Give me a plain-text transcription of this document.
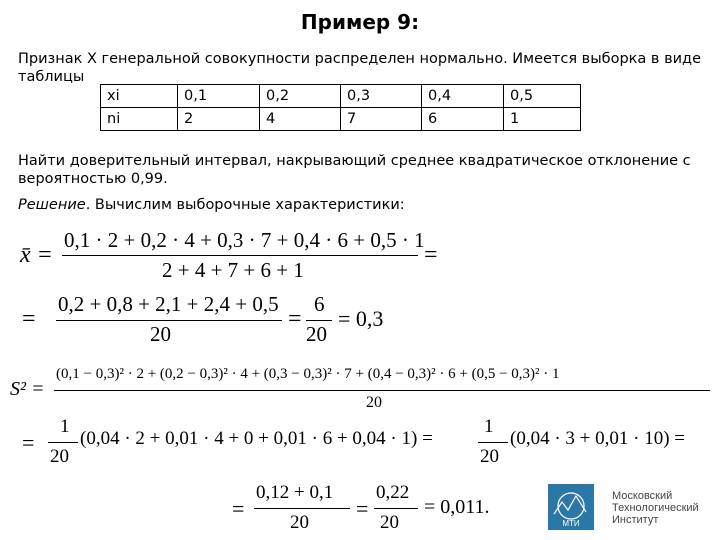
Пример 9:
Признак X генеральной совокупности распределен нормально. Имеется выборка в виде
таблицы
xi	0,1	0,2	0,3	0,4	0,5
ni	2	4	7	6	1
Найти доверительный интервал, накрывающий среднее квадратическое отклонение с
вероятностью 0,99.
Решение. Вычислим выборочные характеристики:
x̄ =
0,1 · 2 + 0,2 · 4 + 0,3 · 7 + 0,4 · 6 + 0,5 · 1
2 + 4 + 7 + 6 + 1
=
=
0,2 + 0,8 + 2,1 + 2,4 + 0,5
20
=
6
20
= 0,3
S² =
(0,1 − 0,3)² · 2 + (0,2 − 0,3)² · 4 + (0,3 − 0,3)² · 7 + (0,4 − 0,3)² · 6 + (0,5 − 0,3)² · 1
20
=
1
20
(0,04 · 2 + 0,01 · 4 + 0 + 0,01 · 6 + 0,04 · 1) =
1
20
(0,04 · 3 + 0,01 · 10) =
=
0,12 + 0,1
20
=
0,22
20
= 0,011.
МТИ
Московский
Технологический
Институт
